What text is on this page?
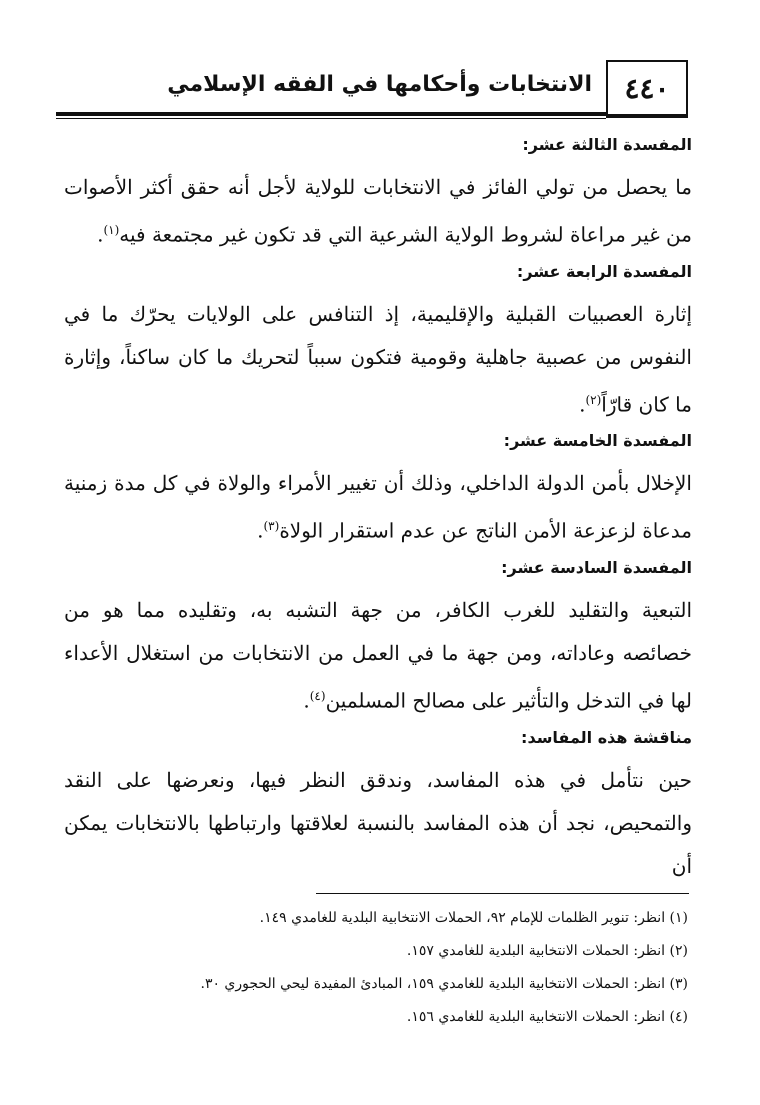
٤٤٠
الانتخابات وأحكامها في الفقه الإسلامي
المفسدة الثالثة عشر:
ما يحصل من تولي الفائز في الانتخابات للولاية لأجل أنه حقق أكثر الأصوات من غير مراعاة لشروط الولاية الشرعية التي قد تكون غير مجتمعة فيه$^{(١)}$.
المفسدة الرابعة عشر:
إثارة العصبيات القبلية والإقليمية، إذ التنافس على الولايات يحرّك ما في النفوس من عصبية جاهلية وقومية فتكون سبباً لتحريك ما كان ساكناً، وإثارة ما كان قارّاً$^{(٢)}$.
المفسدة الخامسة عشر:
الإخلال بأمن الدولة الداخلي، وذلك أن تغيير الأمراء والولاة في كل مدة زمنية مدعاة لزعزعة الأمن الناتج عن عدم استقرار الولاة$^{(٣)}$.
المفسدة السادسة عشر:
التبعية والتقليد للغرب الكافر، من جهة التشبه به، وتقليده مما هو من خصائصه وعاداته، ومن جهة ما في العمل من الانتخابات من استغلال الأعداء لها في التدخل والتأثير على مصالح المسلمين$^{(٤)}$.
مناقشة هذه المفاسد:
حين نتأمل في هذه المفاسد، وندقق النظر فيها، ونعرضها على النقد والتمحيص، نجد أن هذه المفاسد بالنسبة لعلاقتها وارتباطها بالانتخابات يمكن أن
(١) انظر: تنوير الظلمات للإمام ٩٢، الحملات الانتخابية البلدية للغامدي ١٤٩.
(٢) انظر: الحملات الانتخابية البلدية للغامدي ١٥٧.
(٣) انظر: الحملات الانتخابية البلدية للغامدي ١٥٩، المبادئ المفيدة ليحي الحجوري ٣٠.
(٤) انظر: الحملات الانتخابية البلدية للغامدي ١٥٦.
